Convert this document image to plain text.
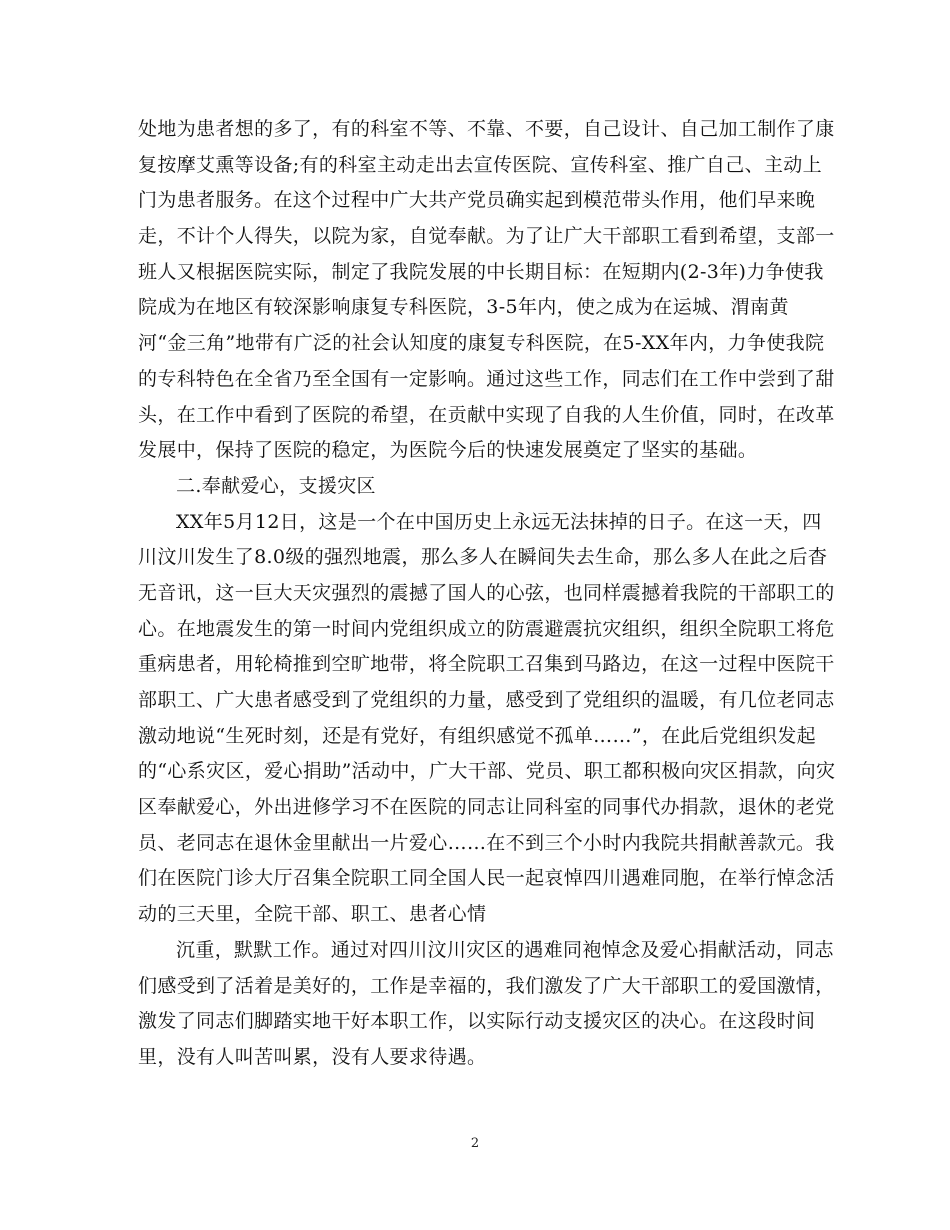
处地为患者想的多了，有的科室不等、不靠、不要，自己设计、自己加工制作了康
复按摩艾熏等设备;有的科室主动走出去宣传医院、宣传科室、推广自己、主动上
门为患者服务。在这个过程中广大共产党员确实起到模范带头作用，他们早来晚
走，不计个人得失，以院为家，自觉奉献。为了让广大干部职工看到希望，支部一
班人又根据医院实际，制定了我院发展的中长期目标：在短期内(2-3年)力争使我
院成为在地区有较深影响康复专科医院，3-5年内，使之成为在运城、渭南黄
河“金三角”地带有广泛的社会认知度的康复专科医院，在5-XX年内，力争使我院
的专科特色在全省乃至全国有一定影响。通过这些工作，同志们在工作中尝到了甜
头，在工作中看到了医院的希望，在贡献中实现了自我的人生价值，同时，在改革
发展中，保持了医院的稳定，为医院今后的快速发展奠定了坚实的基础。
二.奉献爱心，支援灾区
XX年5月12日，这是一个在中国历史上永远无法抹掉的日子。在这一天，四
川汶川发生了8.0级的强烈地震，那么多人在瞬间失去生命，那么多人在此之后杳
无音讯，这一巨大天灾强烈的震撼了国人的心弦，也同样震撼着我院的干部职工的
心。在地震发生的第一时间内党组织成立的防震避震抗灾组织，组织全院职工将危
重病患者，用轮椅推到空旷地带，将全院职工召集到马路边，在这一过程中医院干
部职工、广大患者感受到了党组织的力量，感受到了党组织的温暖，有几位老同志
激动地说“生死时刻，还是有党好，有组织感觉不孤单……”，在此后党组织发起
的“心系灾区，爱心捐助”活动中，广大干部、党员、职工都积极向灾区捐款，向灾
区奉献爱心，外出进修学习不在医院的同志让同科室的同事代办捐款，退休的老党
员、老同志在退休金里献出一片爱心……在不到三个小时内我院共捐献善款元。我
们在医院门诊大厅召集全院职工同全国人民一起哀悼四川遇难同胞，在举行悼念活
动的三天里，全院干部、职工、患者心情
沉重，默默工作。通过对四川汶川灾区的遇难同袍悼念及爱心捐献活动，同志
们感受到了活着是美好的，工作是幸福的，我们激发了广大干部职工的爱国激情，
激发了同志们脚踏实地干好本职工作，以实际行动支援灾区的决心。在这段时间
里，没有人叫苦叫累，没有人要求待遇。
2
